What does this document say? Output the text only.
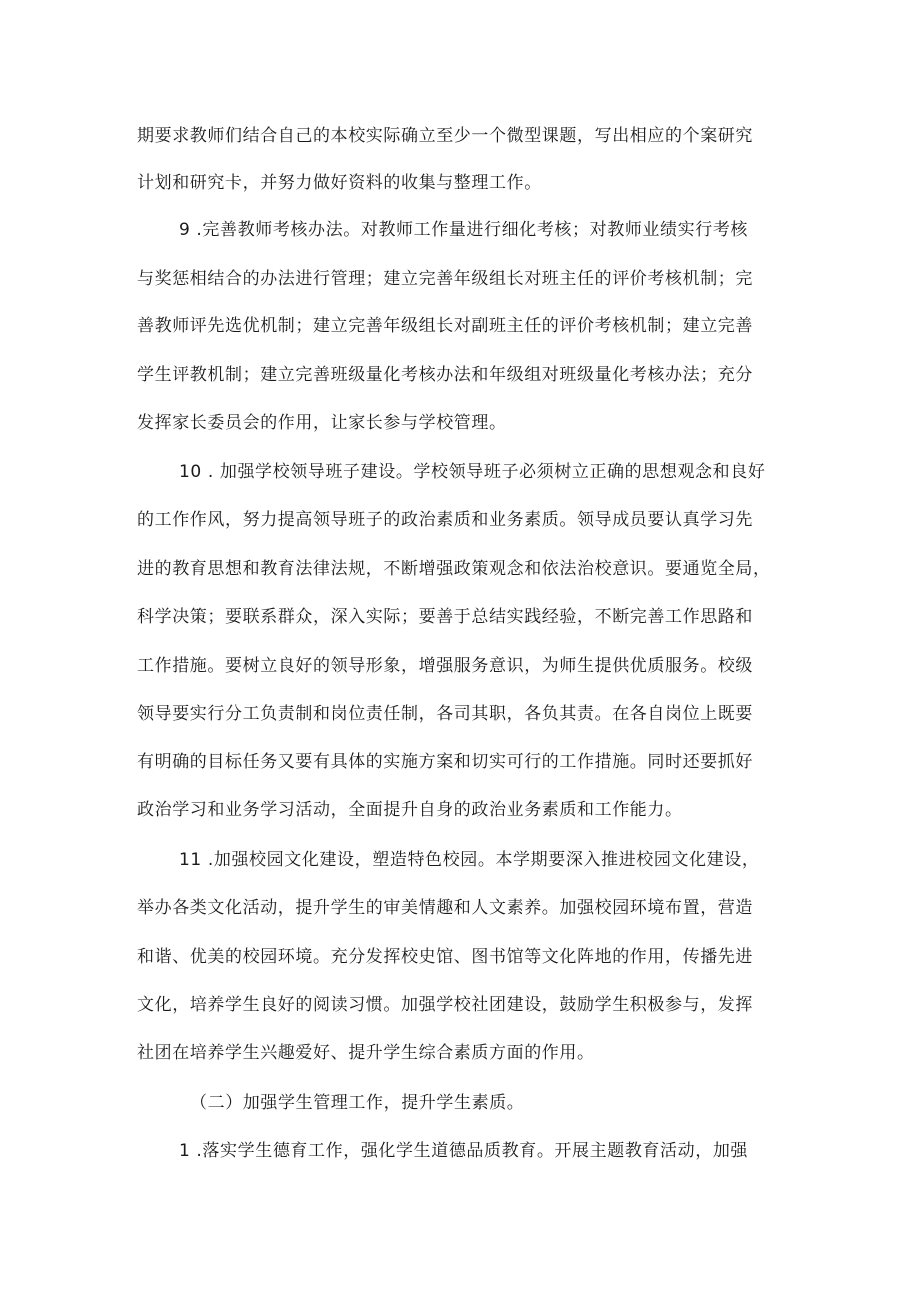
期要求教师们结合自己的本校实际确立至少一个微型课题，写出相应的个案研究

计划和研究卡，并努力做好资料的收集与整理工作。

9 .完善教师考核办法。对教师工作量进行细化考核；对教师业绩实行考核

与奖惩相结合的办法进行管理；建立完善年级组长对班主任的评价考核机制；完

善教师评先选优机制；建立完善年级组长对副班主任的评价考核机制；建立完善

学生评教机制；建立完善班级量化考核办法和年级组对班级量化考核办法；充分

发挥家长委员会的作用，让家长参与学校管理。

10 . 加强学校领导班子建设。学校领导班子必须树立正确的思想观念和良好

的工作作风，努力提高领导班子的政治素质和业务素质。领导成员要认真学习先

进的教育思想和教育法律法规，不断增强政策观念和依法治校意识。要通览全局，

科学决策；要联系群众，深入实际；要善于总结实践经验，不断完善工作思路和

工作措施。要树立良好的领导形象，增强服务意识，为师生提供优质服务。校级

领导要实行分工负责制和岗位责任制，各司其职，各负其责。在各自岗位上既要

有明确的目标任务又要有具体的实施方案和切实可行的工作措施。同时还要抓好

政治学习和业务学习活动，全面提升自身的政治业务素质和工作能力。

11 .加强校园文化建设，塑造特色校园。本学期要深入推进校园文化建设，

举办各类文化活动，提升学生的审美情趣和人文素养。加强校园环境布置，营造

和谐、优美的校园环境。充分发挥校史馆、图书馆等文化阵地的作用，传播先进

文化，培养学生良好的阅读习惯。加强学校社团建设，鼓励学生积极参与，发挥

社团在培养学生兴趣爱好、提升学生综合素质方面的作用。

（二）加强学生管理工作，提升学生素质。

1 .落实学生德育工作，强化学生道德品质教育。开展主题教育活动，加强
